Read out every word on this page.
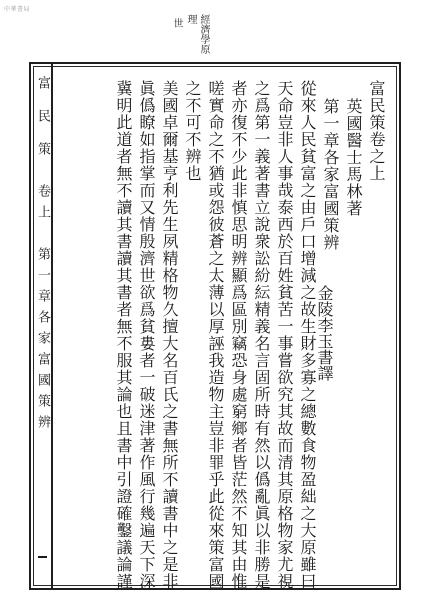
中華書局
經濟學原理
世
富 民 策　卷上　第一章各家富國策辨	富民策卷之上
英國醫士馬林著
第一章各家富國策辨
從來人民貧富之由戶口增減之故生財多寡之總數食物盈絀之大原雖曰
天命豈非人事哉泰西於百姓貧苦一事嘗欲究其故而清其原格物家尤視
之爲第一義著書立說衆訟紛紜精義名言固所時有然以僞亂眞以非勝是
者亦復不少此非慎思明辨顯爲區別竊恐身處窮鄉者皆茫然不知其由惟
嗟實命之不猶或怨彼蒼之太薄以厚誣我造物主豈非罪乎此從來策富國
之不可不辨也
美國卓爾基亨利先生夙精格物久擅大名百氏之書無所不讀書中之是非
眞僞瞭如指掌而又情殷濟世欲爲貧婁者一破迷津著作風行幾遍天下深
冀明此道者無不讀其書讀其書者無不服其論也且書中引證確鑿議論謹	金陵李玉書譯
